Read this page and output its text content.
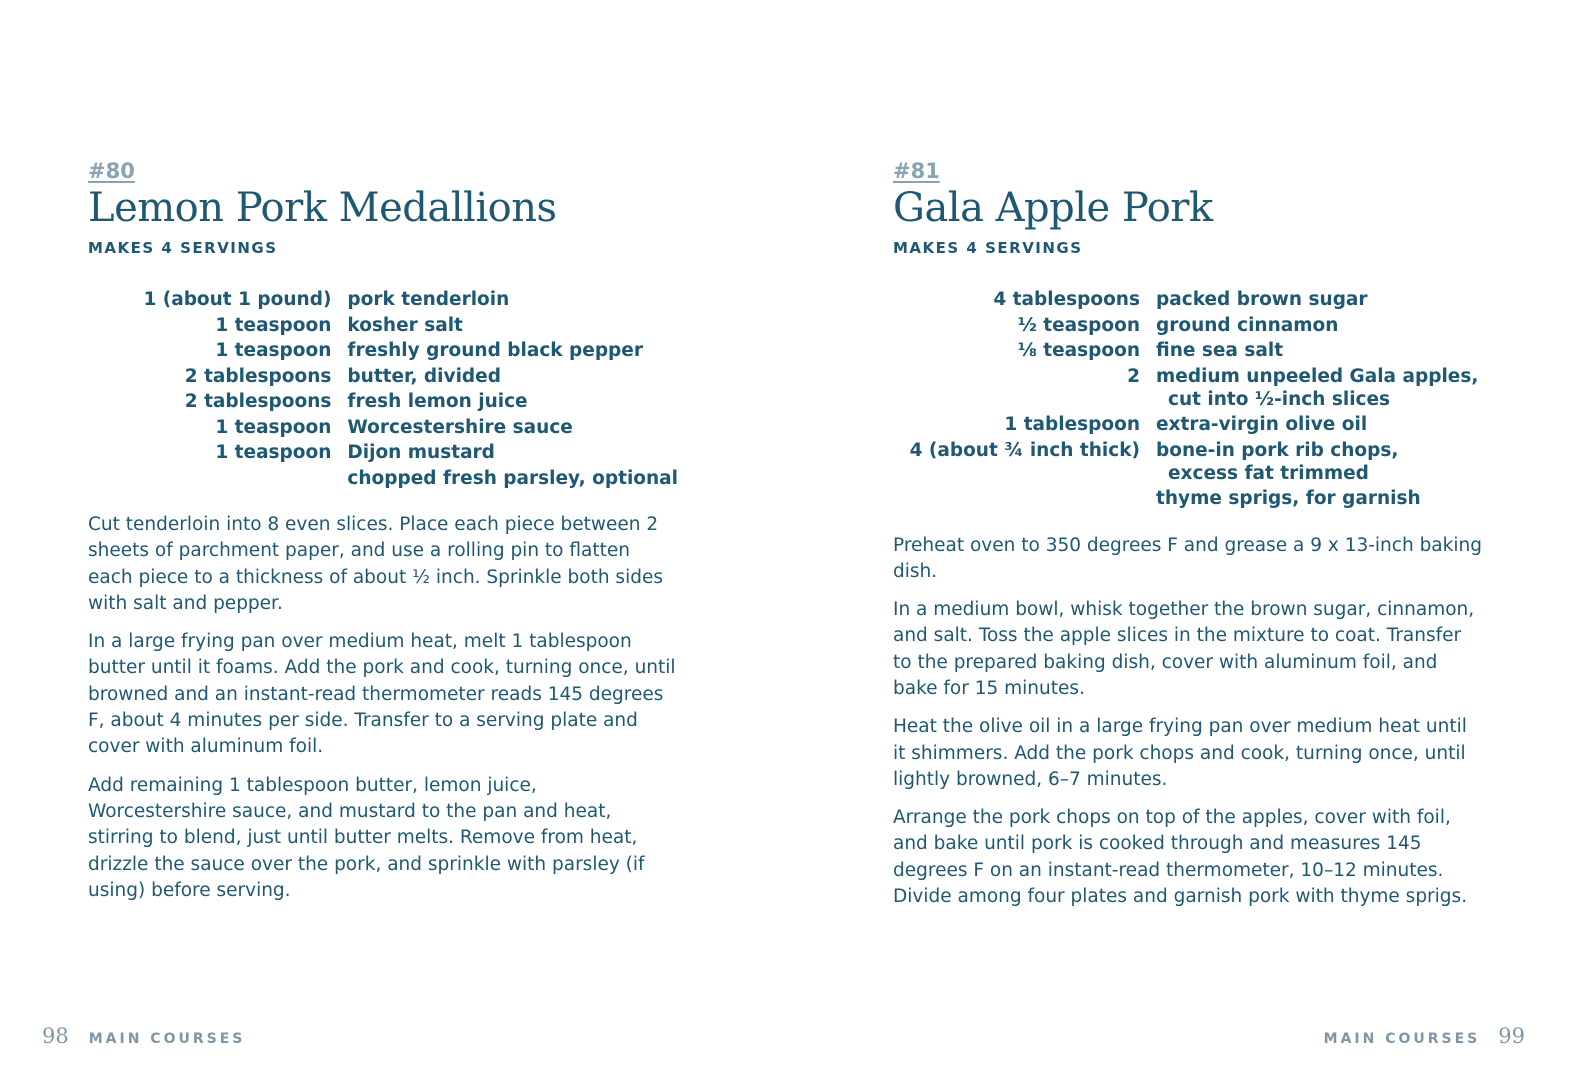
#80
Lemon Pork Medallions
MAKES 4 SERVINGS
1 (about 1 pound)	pork tenderloin
1 teaspoon	kosher salt
1 teaspoon	freshly ground black pepper
2 tablespoons	butter, divided
2 tablespoons	fresh lemon juice
1 teaspoon	Worcestershire sauce
1 teaspoon	Dijon mustard
	chopped fresh parsley, optional

Cut tenderloin into 8 even slices. Place each piece between 2 sheets of parchment paper, and use a rolling pin to flatten each piece to a thickness of about ½ inch. Sprinkle both sides with salt and pepper.

In a large frying pan over medium heat, melt 1 tablespoon butter until it foams. Add the pork and cook, turning once, until browned and an instant-read thermometer reads 145 degrees F, about 4 minutes per side. Transfer to a serving plate and cover with aluminum foil.

Add remaining 1 tablespoon butter, lemon juice, Worcestershire sauce, and mustard to the pan and heat, stirring to blend, just until butter melts. Remove from heat, drizzle the sauce over the pork, and sprinkle with parsley (if using) before serving.

98 MAIN COURSES
#81
Gala Apple Pork
MAKES 4 SERVINGS
4 tablespoons	packed brown sugar
½ teaspoon	ground cinnamon
⅛ teaspoon	fine sea salt
2	medium unpeeled Gala apples,
cut into ½-inch slices

1 tablespoon	extra-virgin olive oil
4 (about ¾ inch thick)	bone-in pork rib chops,
excess fat trimmed

	thyme sprigs, for garnish

Preheat oven to 350 degrees F and grease a 9 x 13-inch baking dish.

In a medium bowl, whisk together the brown sugar, cinnamon, and salt. Toss the apple slices in the mixture to coat. Transfer to the prepared baking dish, cover with aluminum foil, and bake for 15 minutes.

Heat the olive oil in a large frying pan over medium heat until it shimmers. Add the pork chops and cook, turning once, until lightly browned, 6–7 minutes.

Arrange the pork chops on top of the apples, cover with foil, and bake until pork is cooked through and measures 145 degrees F on an instant-read thermometer, 10–12 minutes. Divide among four plates and garnish pork with thyme sprigs.

MAIN COURSES 99
